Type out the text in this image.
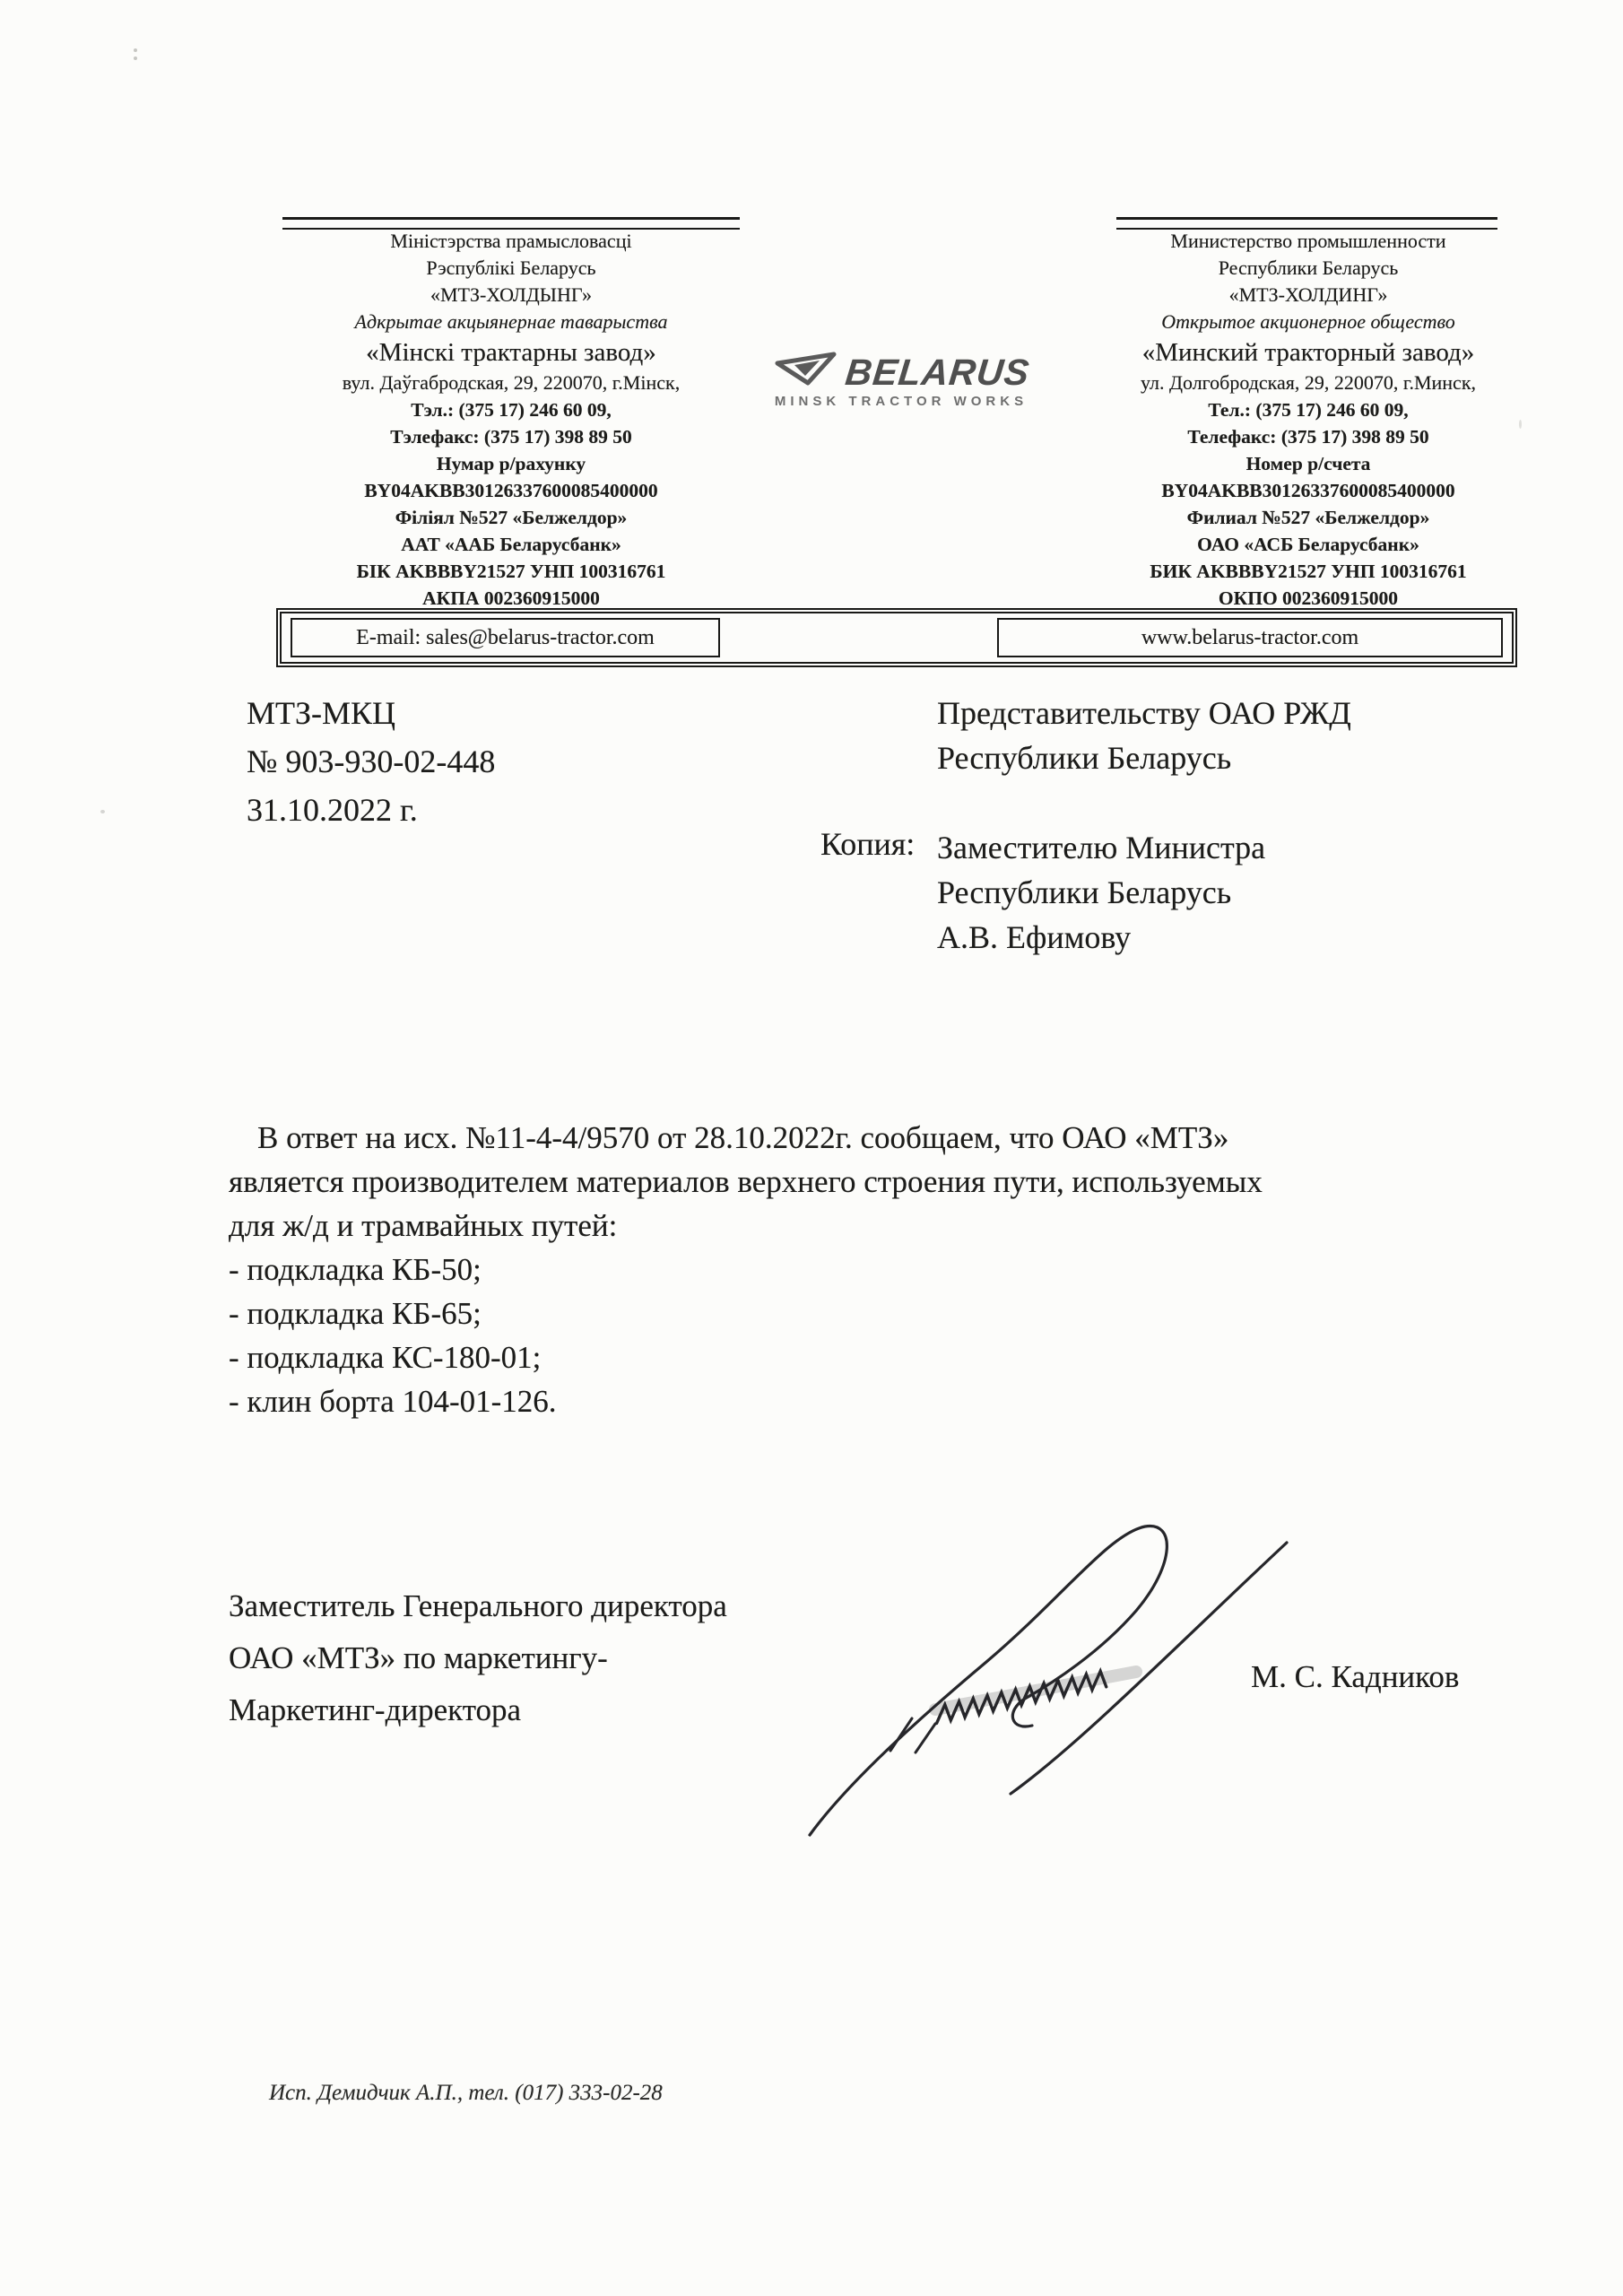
Міністэрства прамысловасці
Рэспублікі Беларусь
«МТЗ-ХОЛДЫНГ»
Адкрытае акцыянернае таварыства
«Мінскі трактарны завод»
вул. Даўгабродская, 29, 220070, г.Мінск,
Тэл.: (375 17) 246 60 09,
Тэлефакс: (375 17) 398 89 50
Нумар р/рахунку
BY04AKBB30126337600085400000
Філіял №527 «Белжелдор»
ААТ «ААБ Беларусбанк»
БІК AKBBBY21527 УНП 100316761
АКПА 002360915000
Министерство промышленности
Республики Беларусь
«МТЗ-ХОЛДИНГ»
Открытое акционерное общество
«Минский тракторный завод»
ул. Долгобродская, 29, 220070, г.Минск,
Тел.: (375 17) 246 60 09,
Телефакс: (375 17) 398 89 50
Номер р/счета
BY04AKBB30126337600085400000
Филиал №527 «Белжелдор»
ОАО «АСБ Беларусбанк»
БИК AKBBBY21527 УНП 100316761
ОКПО 002360915000
BELARUS
MINSK TRACTOR WORKS
E-mail: sales@belarus-tractor.com	www.belarus-tractor.com
МТЗ-МКЦ
№ 903-930-02-448
31.10.2022 г.
Представительству ОАО РЖД
Республики Беларусь
Копия: Заместителю Министра
Республики Беларусь
А.В. Ефимову
В ответ на исх. №11-4-4/9570 от 28.10.2022г. сообщаем, что ОАО «МТЗ»
является производителем материалов верхнего строения пути, используемых
для ж/д и трамвайных путей:
- подкладка КБ-50;
- подкладка КБ-65;
- подкладка КС-180-01;
- клин борта 104-01-126.
Заместитель Генерального директора
ОАО «МТЗ» по маркетингу-
Маркетинг-директора
М. С. Кадников
Исп. Демидчик А.П., тел. (017) 333-02-28
